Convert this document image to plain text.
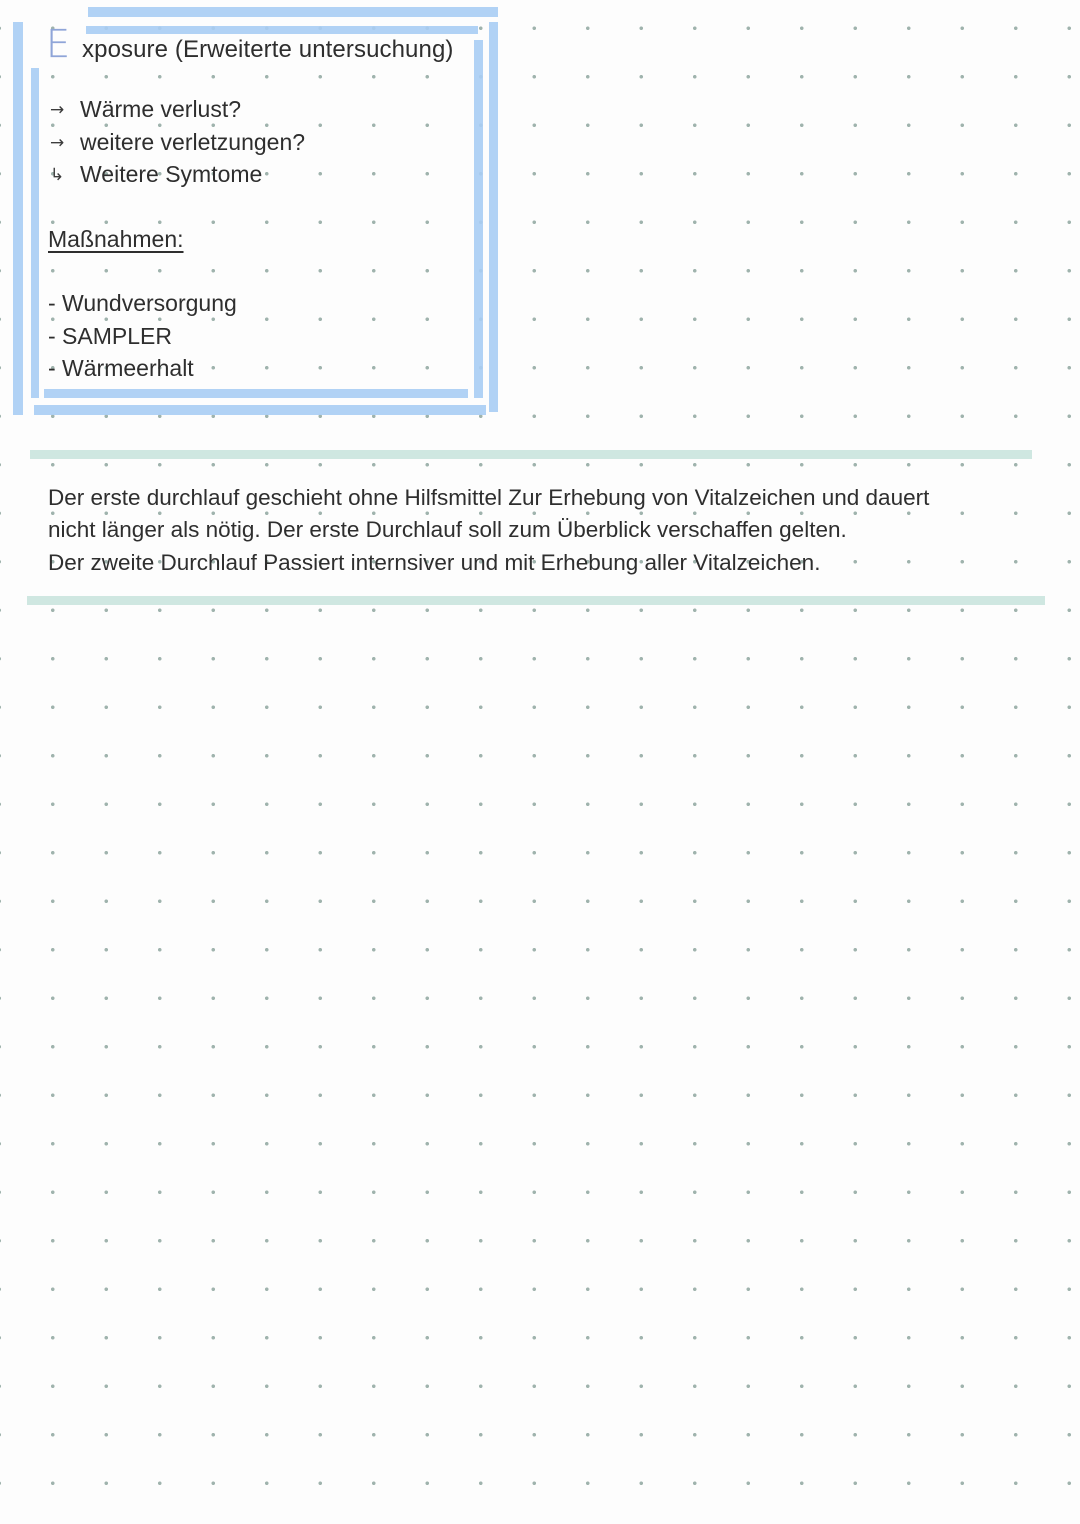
E xposure (Erweiterte untersuchung)
→ Wärme verlust?
→ weitere verletzungen?
↳ Weitere Symtome
Maßnahmen:
- Wundversorgung
- SAMPLER
- Wärmeerhalt
Der erste durchlauf geschieht ohne Hilfsmittel Zur Erhebung von Vitalzeichen und dauert
nicht länger als nötig. Der erste Durchlauf soll zum Überblick verschaffen gelten.
Der zweite Durchlauf Passiert internsiver und mit Erhebung aller Vitalzeichen.
